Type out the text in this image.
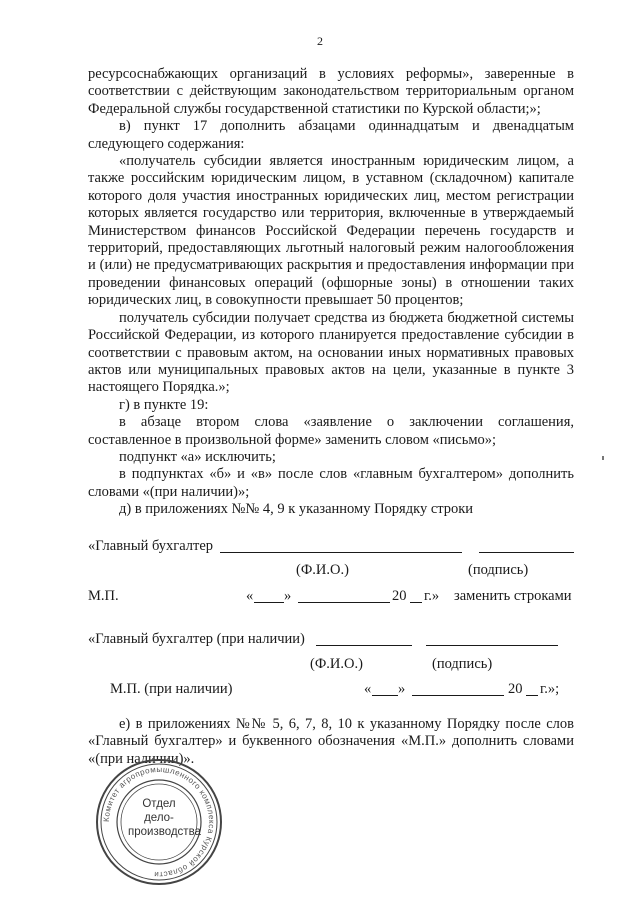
2

ресурсоснабжающих организаций в условиях реформы», заверенные в соответствии с действующим законодательством территориальным органом Федеральной службы государственной статистики по Курской области;»;

в) пункт 17 дополнить абзацами одиннадцатым и двенадцатым следующего содержания:

«получатель субсидии является иностранным юридическим лицом, а также российским юридическим лицом, в уставном (складочном) капитале которого доля участия иностранных юридических лиц, местом регистрации которых является государство или территория, включенные в утверждаемый Министерством финансов Российской Федерации перечень государств и территорий, предоставляющих льготный налоговый режим налогообложения и (или) не предусматривающих раскрытия и предоставления информации при проведении финансовых операций (офшорные зоны) в отношении таких юридических лиц, в совокупности превышает 50 процентов;

получатель субсидии получает средства из бюджета бюджетной системы Российской Федерации, из которого планируется предоставление субсидии в соответствии с правовым актом, на основании иных нормативных правовых актов или муниципальных правовых актов на цели, указанные в пункте 3 настоящего Порядка.»;

г) в пункте 19:

в абзаце втором слова «заявление о заключении соглашения, составленное в произвольной форме» заменить словом «письмо»;

подпункт «а» исключить;

в подпунктах «б» и «в» после слов «главным бухгалтером» дополнить словами «(при наличии)»;

д) в приложениях №№ 4, 9 к указанному Порядку строки

«Главный бухгалтер
(Ф.И.О.)	(подпись)
М.П.	« »	20 г.» заменить строками
«Главный бухгалтер (при наличии)
(Ф.И.О.)	(подпись)
М.П. (при наличии)	« »	20 г.»;

е) в приложениях №№ 5, 6, 7, 8, 10 к указанному Порядку после слов «Главный бухгалтер» и буквенного обозначения «М.П.» дополнить словами «(при наличии)».

Комитет агропромышленного комплекса Курской области
Отдел
дело-
производства
